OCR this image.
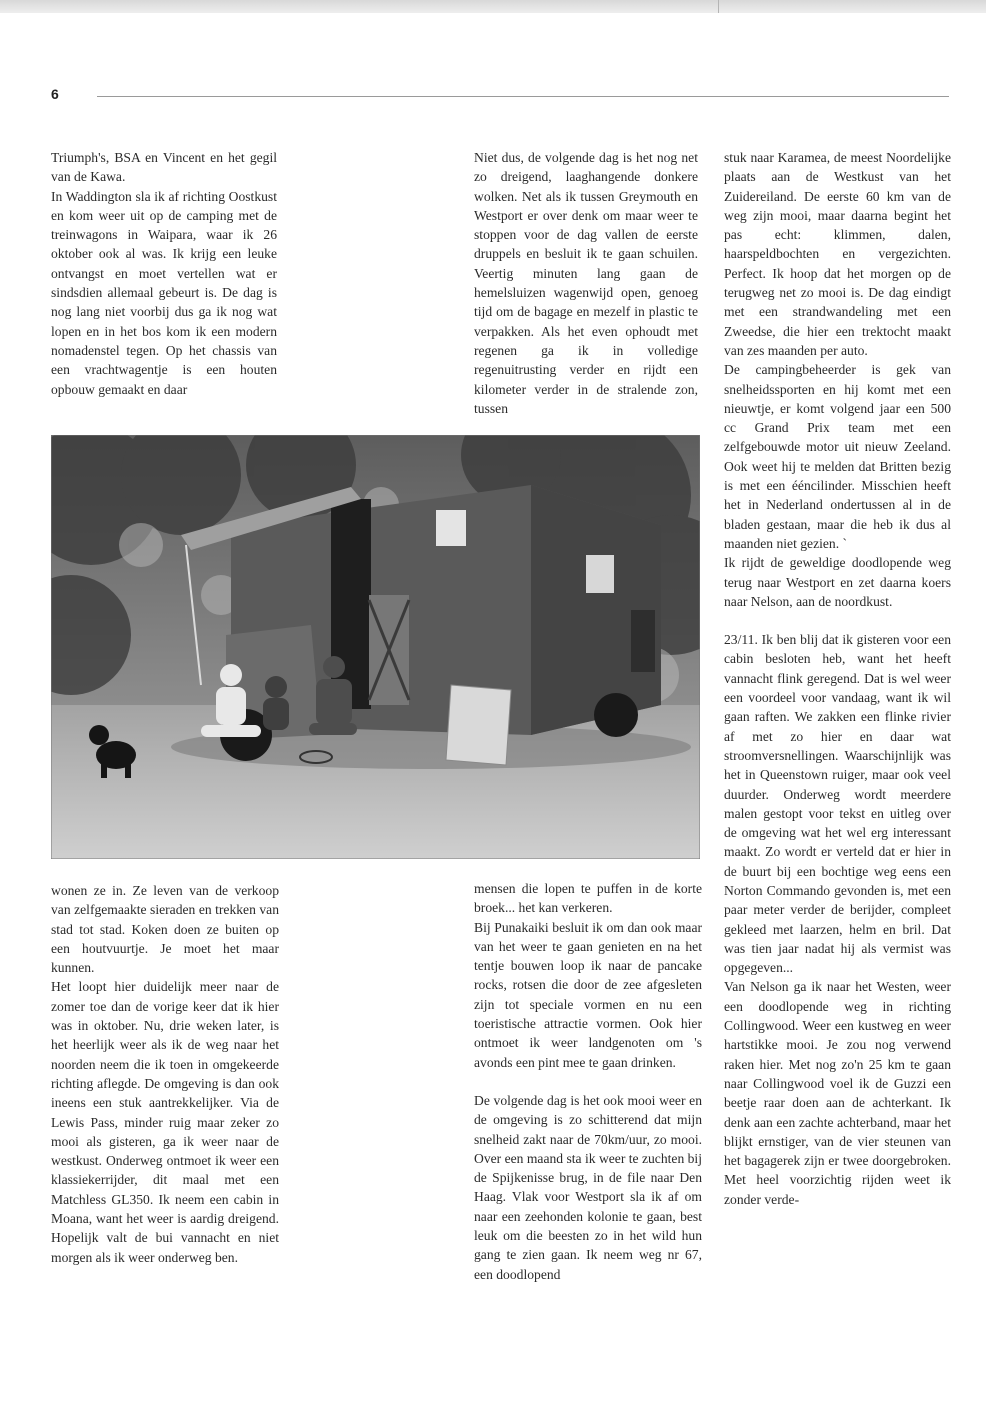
6

Triumph's, BSA en Vincent en het gegil van de Kawa.

In Waddington sla ik af richting Oostkust en kom weer uit op de camping met de treinwagons in Waipara, waar ik 26 oktober ook al was. Ik krijg een leuke ontvangst en moet vertellen wat er sindsdien allemaal gebeurt is. De dag is nog lang niet voorbij dus ga ik nog wat lopen en in het bos kom ik een modern nomadenstel tegen. Op het chassis van een vrachtwagentje is een houten opbouw gemaakt en daar

Niet dus, de volgende dag is het nog net zo dreigend, laaghangende donkere wolken. Net als ik tussen Greymouth en Westport er over denk om maar weer te stoppen voor de dag vallen de eerste druppels en besluit ik te gaan schuilen. Veertig minuten lang gaan de hemelsluizen wagenwijd open, genoeg tijd om de bagage en mezelf in plastic te verpakken. Als het even ophoudt met regenen ga ik in volledige regenuitrusting verder en rijdt een kilometer verder in de stralende zon, tussen

wonen ze in. Ze leven van de verkoop van zelfgemaakte sieraden en trekken van stad tot stad. Koken doen ze buiten op een houtvuurtje. Je moet het maar kunnen.

Het loopt hier duidelijk meer naar de zomer toe dan de vorige keer dat ik hier was in oktober. Nu, drie weken later, is het heerlijk weer als ik de weg naar het noorden neem die ik toen in omgekeerde richting aflegde. De omgeving is dan ook ineens een stuk aantrekkelijker. Via de Lewis Pass, minder ruig maar zeker zo mooi als gisteren, ga ik weer naar de westkust. Onderweg ontmoet ik weer een klassiekerrijder, dit maal met een Matchless GL350. Ik neem een cabin in Moana, want het weer is aardig dreigend. Hopelijk valt de bui vannacht en niet morgen als ik weer onderweg ben.

mensen die lopen te puffen in de korte broek... het kan verkeren.

Bij Punakaiki besluit ik om dan ook maar van het weer te gaan genieten en na het tentje bouwen loop ik naar de pancake rocks, rotsen die door de zee afgesleten zijn tot speciale vormen en nu een toeristische attractie vormen. Ook hier ontmoet ik weer landgenoten om 's avonds een pint mee te gaan drinken.

De volgende dag is het ook mooi weer en de omgeving is zo schitterend dat mijn snelheid zakt naar de 70km/uur, zo mooi. Over een maand sta ik weer te zuchten bij de Spijkenisse brug, in de file naar Den Haag. Vlak voor Westport sla ik af om naar een zeehonden kolonie te gaan, best leuk om die beesten zo in het wild hun gang te zien gaan. Ik neem weg nr 67, een doodlopend

stuk naar Karamea, de meest Noordelijke plaats aan de Westkust van het Zuidereiland. De eerste 60 km van de weg zijn mooi, maar daarna begint het pas echt: klimmen, dalen, haarspeldbochten en vergezichten. Perfect. Ik hoop dat het morgen op de terugweg net zo mooi is. De dag eindigt met een strandwandeling met een Zweedse, die hier een trektocht maakt van zes maanden per auto.

De campingbeheerder is gek van snelheidssporten en hij komt met een nieuwtje, er komt volgend jaar een 500 cc Grand Prix team met een zelfgebouwde motor uit nieuw Zeeland. Ook weet hij te melden dat Britten bezig is met een ééncilinder. Misschien heeft het in Nederland ondertussen al in de bladen gestaan, maar die heb ik dus al maanden niet gezien. `

Ik rijdt de geweldige doodlopende weg terug naar Westport en zet daarna koers naar Nelson, aan de noordkust.

23/11. Ik ben blij dat ik gisteren voor een cabin besloten heb, want het heeft vannacht flink geregend. Dat is wel weer een voordeel voor vandaag, want ik wil gaan raften. We zakken een flinke rivier af met zo hier en daar wat stroomversnellingen. Waarschijnlijk was het in Queenstown ruiger, maar ook veel duurder. Onderweg wordt meerdere malen gestopt voor tekst en uitleg over de omgeving wat het wel erg interessant maakt. Zo wordt er verteld dat er hier in de buurt bij een bochtige weg eens een Norton Commando gevonden is, met een paar meter verder de berijder, compleet gekleed met laarzen, helm en bril. Dat was tien jaar nadat hij als vermist was opgegeven...

Van Nelson ga ik naar het Westen, weer een doodlopende weg in richting Collingwood. Weer een kustweg en weer hartstikke mooi. Je zou nog verwend raken hier. Met nog zo'n 25 km te gaan naar Collingwood voel ik de Guzzi een beetje raar doen aan de achterkant. Ik denk aan een zachte achterband, maar het blijkt ernstiger, van de vier steunen van het bagagerek zijn er twee doorgebroken. Met heel voorzichtig rijden weet ik zonder verde-
